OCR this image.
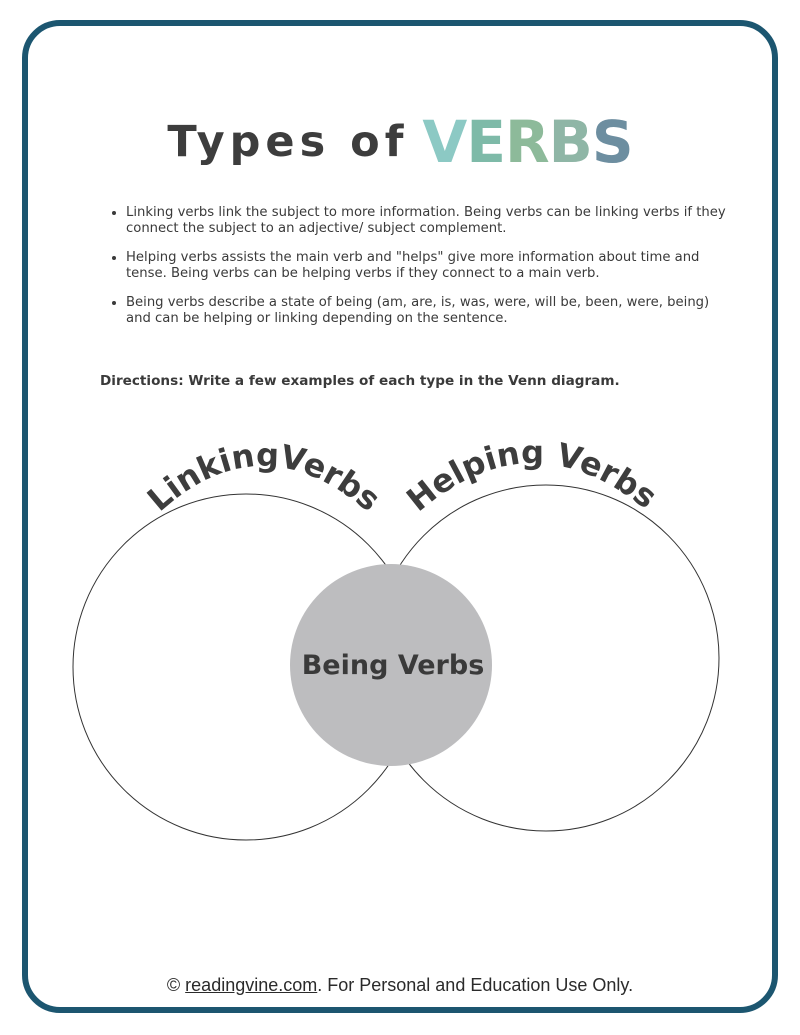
Types of VERBS
• Linking verbs link the subject to more information. Being verbs can be linking verbs if they connect the subject to an adjective/ subject complement.
• Helping verbs assists the main verb and "helps" give more information about time and tense. Being verbs can be helping verbs if they connect to a main verb.
• Being verbs describe a state of being (am, are, is, was, were, will be, been, were, being) and can be helping or linking depending on the sentence.
Directions: Write a few examples of each type in the Venn diagram.
LinkingVerbs Helping Verbs
Being Verbs
© readingvine.com. For Personal and Education Use Only.
